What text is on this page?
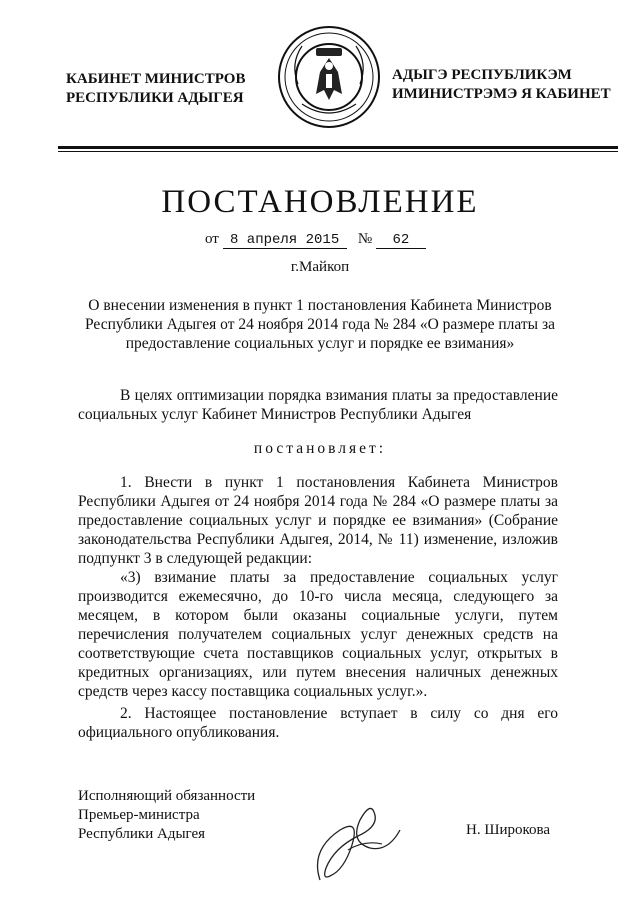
КАБИНЕТ МИНИСТРОВ
РЕСПУБЛИКИ АДЫГЕЯ
АДЫГЭ РЕСПУБЛИКЭМ
ИМИНИСТРЭМЭ Я КАБИНЕТ
ПОСТАНОВЛЕНИЕ
от 8 апреля 2015 № 62
г.Майкоп
О внесении изменения в пункт 1 постановления Кабинета Министров Республики Адыгея от 24 ноября 2014 года № 284 «О размере платы за предоставление социальных услуг и порядке ее взимания»
В целях оптимизации порядка взимания платы за предоставление социальных услуг Кабинет Министров Республики Адыгея
постановляет:
1. Внести в пункт 1 постановления Кабинета Министров Республики Адыгея от 24 ноября 2014 года № 284 «О размере платы за предоставление социальных услуг и порядке ее взимания» (Собрание законодательства Республики Адыгея, 2014, № 11) изменение, изложив подпункт 3 в следующей редакции:
«3) взимание платы за предоставление социальных услуг производится ежемесячно, до 10-го числа месяца, следующего за месяцем, в котором были оказаны социальные услуги, путем перечисления получателем социальных услуг денежных средств на соответствующие счета поставщиков социальных услуг, открытых в кредитных организациях, или путем внесения наличных денежных средств через кассу поставщика социальных услуг.».
2. Настоящее постановление вступает в силу со дня его официального опубликования.
Исполняющий обязанности
Премьер-министра
Республики Адыгея	Н. Широкова
